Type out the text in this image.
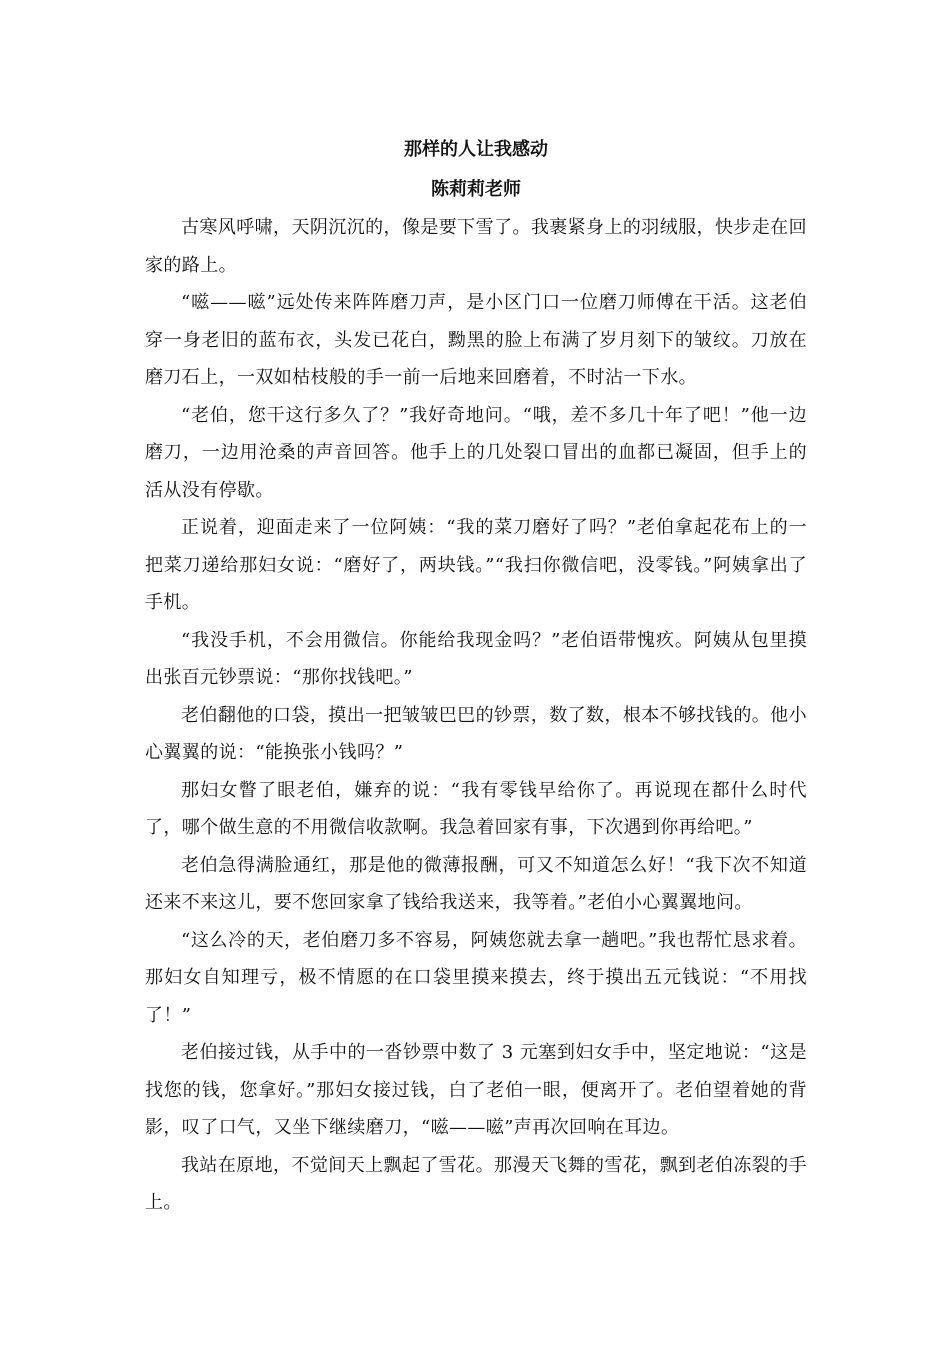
那样的人让我感动
陈莉莉老师

古寒风呼啸，天阴沉沉的，像是要下雪了。我裹紧身上的羽绒服，快步走在回家的路上。

“嗞——嗞”远处传来阵阵磨刀声，是小区门口一位磨刀师傅在干活。这老伯穿一身老旧的蓝布衣，头发已花白，黝黑的脸上布满了岁月刻下的皱纹。刀放在磨刀石上，一双如枯枝般的手一前一后地来回磨着，不时沾一下水。

“老伯，您干这行多久了？”我好奇地问。“哦，差不多几十年了吧！”他一边磨刀，一边用沧桑的声音回答。他手上的几处裂口冒出的血都已凝固，但手上的活从没有停歇。

正说着，迎面走来了一位阿姨：“我的菜刀磨好了吗？”老伯拿起花布上的一把菜刀递给那妇女说：“磨好了，两块钱。”“我扫你微信吧，没零钱。”阿姨拿出了手机。

“我没手机，不会用微信。你能给我现金吗？”老伯语带愧疚。阿姨从包里摸出张百元钞票说：“那你找钱吧。”

老伯翻他的口袋，摸出一把皱皱巴巴的钞票，数了数，根本不够找钱的。他小心翼翼的说：“能换张小钱吗？”

那妇女瞥了眼老伯，嫌弃的说：“我有零钱早给你了。再说现在都什么时代了，哪个做生意的不用微信收款啊。我急着回家有事，下次遇到你再给吧。”

老伯急得满脸通红，那是他的微薄报酬，可又不知道怎么好！“我下次不知道还来不来这儿，要不您回家拿了钱给我送来，我等着。”老伯小心翼翼地问。

“这么冷的天，老伯磨刀多不容易，阿姨您就去拿一趟吧。”我也帮忙恳求着。那妇女自知理亏，极不情愿的在口袋里摸来摸去，终于摸出五元钱说：“不用找了！”

老伯接过钱，从手中的一沓钞票中数了 3 元塞到妇女手中，坚定地说：“这是找您的钱，您拿好。”那妇女接过钱，白了老伯一眼，便离开了。老伯望着她的背影，叹了口气，又坐下继续磨刀，“嗞——嗞”声再次回响在耳边。

我站在原地，不觉间天上飘起了雪花。那漫天飞舞的雪花，飘到老伯冻裂的手上。
